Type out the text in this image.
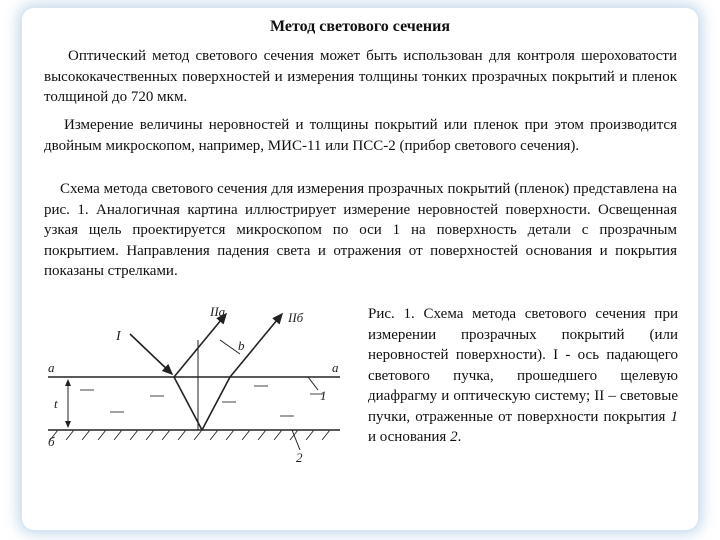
Метод светового сечения

Оптический метод светового сечения может быть использован для контроля шероховатости высококачественных поверхностей и измерения толщины тонких прозрачных покрытий и пленок толщиной до 720 мкм.

Измерение величины неровностей и толщины покрытий или пленок при этом производится двойным микроскопом, например, МИС-11 или ПСС-2 (прибор светового сечения).

Схема метода светового сечения для измерения прозрачных покрытий (пленок) представлена на рис. 1. Аналогичная картина иллюстрирует измерение неровностей поверхности. Освещенная узкая щель проектируется микроскопом по оси 1 на поверхность детали с прозрачным покрытием. Направления падения света и отражения от поверхностей основания и покрытия показаны стрелками.

I
IIа	IIб
а	а
б
b
t
1
2

Рис. 1. Схема метода светового сечения при измерении прозрачных покрытий (или неровностей поверхности). I - ось падающего светового пучка, прошедшего щелевую диафрагму и оптическую систему; II – световые пучки, отраженные от поверхности покрытия 1 и основания 2.
